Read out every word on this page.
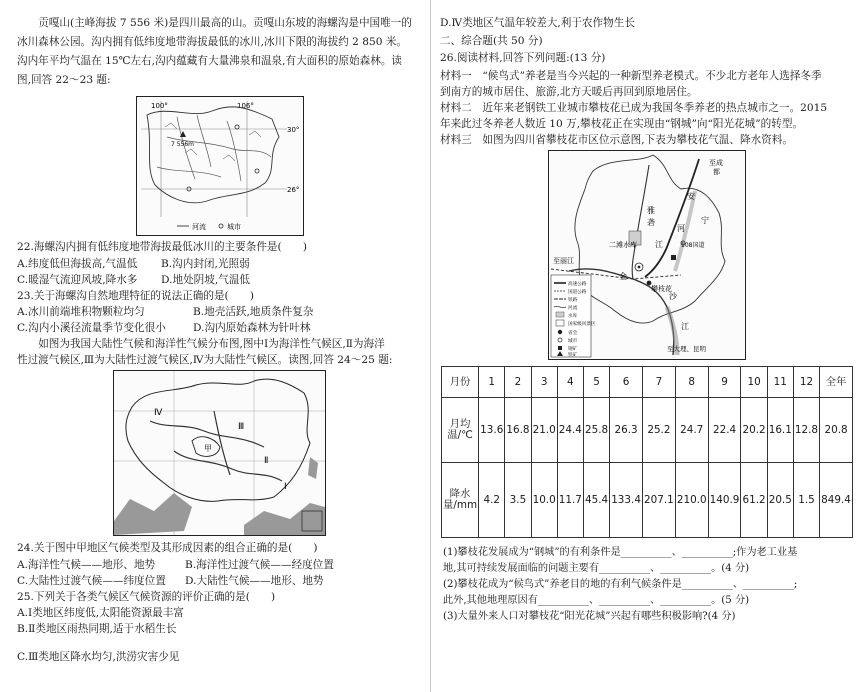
贡嘎山(主峰海拔 7 556 米)是四川最高的山。贡嘎山东坡的海螺沟是中国唯一的
冰川森林公园。沟内拥有低纬度地带海拔最低的冰川,冰川下限的海拔约 2 850 米。
沟内年平均气温在 15℃左右,沟内蕴藏有大量沸泉和温泉,有大面积的原始森林。读
图,回答 22～23 题:
100°	106°
30°
26°
7 556m
河流	城市
22.海螺沟内拥有低纬度地带海拔最低冰川的主要条件是(　　)
A.纬度低但海拔高,气温低 B.沟内封闭,光照弱
C.暖湿气流迎风坡,降水多 D.地处阴坡,气温低
23.关于海螺沟自然地理特征的说法正确的是(　　)
A.冰川前端堆积物颗粒均匀	B.地壳活跃,地质条件复杂
C.沟内小溪径流量季节变化很小	D.沟内原始森林为针叶林
如图为我国大陆性气候和海洋性气候分布图,图中Ⅰ为海洋性气候区,Ⅱ为海洋
性过渡气候区,Ⅲ为大陆性过渡气候区,Ⅳ为大陆性气候区。读图,回答 24～25 题:
甲
Ⅰ
Ⅱ
Ⅲ
Ⅳ
24.关于图中甲地区气候类型及其形成因素的组合正确的是(　　)
A.海洋性气候——地形、地势	B.海洋性过渡气候——经度位置
C.大陆性过渡气候——纬度位置 D.大陆性气候——地形、地势
25.下列关于各类气候区气候资源的评价正确的是(　　)
A.Ⅰ类地区纬度低,太阳能资源最丰富
B.Ⅱ类地区雨热同期,适于水稻生长
C.Ⅲ类地区降水均匀,洪涝灾害少见
D.Ⅳ类地区气温年较差大,利于农作物生长
二、综合题(共 50 分)
26.阅读材料,回答下列问题:(13 分)
材料一　“候鸟式”养老是当今兴起的一种新型养老模式。不少北方老年人选择冬季
到南方的城市居住、旅游,北方天暖后再回到原地居住。
材料二　近年来老钢铁工业城市攀枝花已成为我国冬季养老的热点城市之一。2015
年来此过冬养老人数近 10 万,攀枝花正在实现由“钢城”向“阳光花城”的转型。
材料三　如图为四川省攀枝花市区位示意图,下表为攀枝花气温、降水资料。
至成
都
安
宁
雅
砻
河
二滩水库 江	108国道
至丽江
金
沙
江
攀枝花
至大理、昆明
高速公路
国道公路
铁路
河流
水库
国家级风景区
省会
城市
钢矿
铁矿
月份	1	2	3	4	5	6	7	8	9	10	11	12	全年
月均温/℃	13.6	16.8	21.0	24.4	25.8	26.3	25.2	24.7	22.4	20.2	16.1	12.8	20.8
降水量/mm	4.2	3.5	10.0	11.7	45.4	133.4	207.1	210.0	140.9	61.2	20.5	1.5	849.4
(1)攀枝花发展成为“钢城”的有利条件是__________、__________;作为老工业基
地,其可持续发展面临的问题主要有__________、__________。(4 分)
(2)攀枝花成为“候鸟式”养老目的地的有利气候条件是__________、__________;
此外,其他地理原因有__________、__________、__________。(5 分)
(3)大量外来人口对攀枝花“阳光花城”兴起有哪些积极影响?(4 分)
